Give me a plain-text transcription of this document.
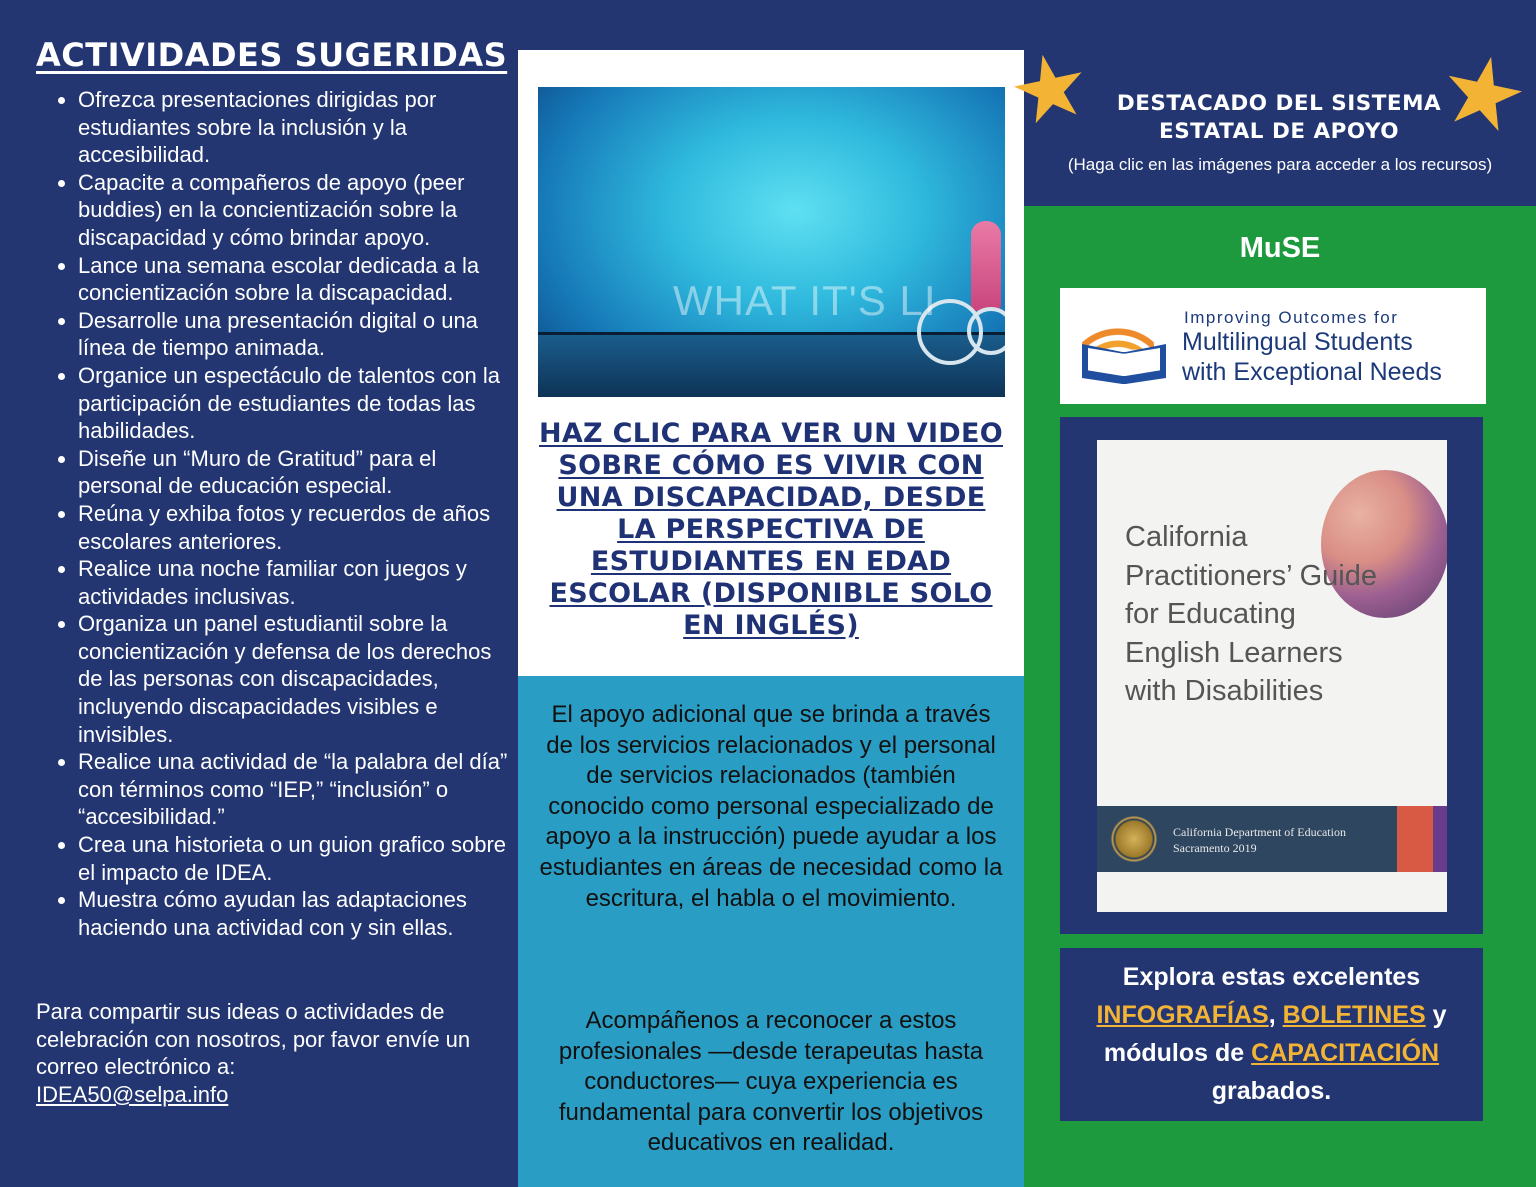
ACTIVIDADES SUGERIDAS
• Ofrezca presentaciones dirigidas por estudiantes sobre la inclusión y la accesibilidad.
• Capacite a compañeros de apoyo (peer buddies) en la concientización sobre la discapacidad y cómo brindar apoyo.
• Lance una semana escolar dedicada a la concientización sobre la discapacidad.
• Desarrolle una presentación digital o una línea de tiempo animada.
• Organice un espectáculo de talentos con la participación de estudiantes de todas las habilidades.
• Diseñe un “Muro de Gratitud” para el personal de educación especial.
• Reúna y exhiba fotos y recuerdos de años escolares anteriores.
• Realice una noche familiar con juegos y actividades inclusivas.
• Organiza un panel estudiantil sobre la concientización y defensa de los derechos de las personas con discapacidades, incluyendo discapacidades visibles e invisibles.
• Realice una actividad de “la palabra del día” con términos como “IEP,” “inclusión” o “accesibilidad.”
• Crea una historieta o un guion grafico sobre el impacto de IDEA.
• Muestra cómo ayudan las adaptaciones haciendo una actividad con y sin ellas.

Para compartir sus ideas o actividades de celebración con nosotros, por favor envíe un correo electrónico a:
IDEA50@selpa.info

WHAT IT'S LI
HAZ CLIC PARA VER UN VIDEO SOBRE CÓMO ES VIVIR CON UNA DISCAPACIDAD, DESDE LA PERSPECTIVA DE ESTUDIANTES EN EDAD ESCOLAR (DISPONIBLE SOLO EN INGLÉS)

El apoyo adicional que se brinda a través de los servicios relacionados y el personal de servicios relacionados (también conocido como personal especializado de apoyo a la instrucción) puede ayudar a los estudiantes en áreas de necesidad como la escritura, el habla o el movimiento.

Acompáñenos a reconocer a estos profesionales —desde terapeutas hasta conductores— cuya experiencia es fundamental para convertir los objetivos educativos en realidad.

DESTACADO DEL SISTEMA
ESTATAL DE APOYO

(Haga clic en las imágenes para acceder a los recursos)

MuSE
Improving Outcomes for
Multilingual Students
with Exceptional Needs

California Practitioners’ Guide for Educating English Learners with Disabilities

California Department of Education
Sacramento 2019

Explora estas excelentes
INFOGRAFÍAS, BOLETINES y
módulos de CAPACITACIÓN
grabados.
